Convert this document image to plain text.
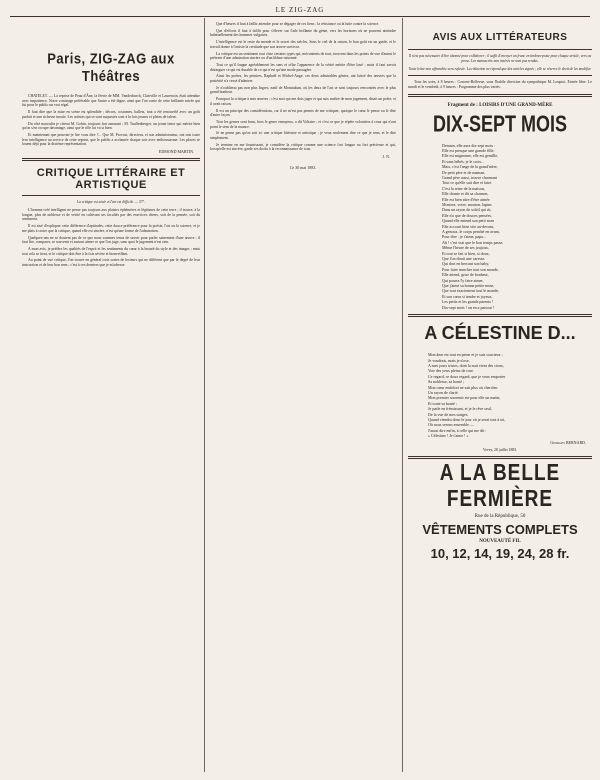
LE ZIG-ZAG
Paris, ZIG-ZAG aux Théâtres

CHATELET. — La reprise de Peau d'Âne, la féerie de MM. Vanderburch, Clairville et Laurencin, était attendue avec impatience. Notre voisinage préférable que l'autre a été digne, ainsi que l'on conte de cette brillante soirée qui fut pour le public un vrai régal.

Il faut dire que la mise en scène est splendide ; décors, costumes, ballets, tout a été renouvelé avec un goût parfait et une richesse inouïe. Les artistes qui se sont surpassés sont à la fois jeunes et pleins de talent.

Du côté masculin je citerai M. Gobin, toujours fort amusant ; M. Tauffenberger, un jeune tenor qui mérite bien qu'on s'en occupe davantage, ainsi que le rôle lui va si bien.

Et maintenant que pourrait-je lire vous dire ?... Que M. Provost, directeur, et son administrateur, ont mis toute leur intelligence au service de cette reprise, que le public a acclamée chaque soir avec enthousiasme. Les places se louent déjà pour la dixième représentation.

EDMOND MARTIN.
CRITIQUE LITTÉRAIRE ET ARTISTIQUE
La critique est aisée et l'art est difficile. — 57°.

L'homme créé intelligent ne pense pas toujours aux plaisirs éphémères et légitimes de cette terre ; il trouve, à la longue, plus de noblesse et de vérité en cultivant ses facultés par des exercices divers, soit de la pensée, soit du sentiment.

Il est aisé d'expliquer cette différence d'aptitudes, cette douce préférence pour la poésie, l'art ou la science, et je me plais à croire que la critique, quand elle est sincère, n'est qu'une forme de l'admiration.

Quelques-uns ne se doutent pas de ce que nous sommes tenus de savoir pour parler sainement d'une œuvre ; il faut lire, comparer, se souvenir et surtout aimer ce que l'on juge, sans quoi le jugement n'est rien.

A mon avis, je préfère les qualités de l'esprit et les sentiments du cœur à la beauté du style et des images ; mais tout cela se tient, et le critique doit être à la fois sévère et bienveillant.

Au point de vue critique, l'on trouve en général trois sortes de lecteurs qui ne diffèrent que par le degré de leur instruction et de leur bon sens ; c'est à ces derniers que je m'adresse.

Que d'heures il faut à faillir attendre pour se dégager de ces liens : la résistance ou la lutte contre la science.

Que d'efforts il faut à faillir pour s'élever sur l'aile brillante du génie, vers les horizons où ne pouvent atteindre habituellement des hommes vulgaires.

L'intelligence est le reste du monde et le secret des siècles. Sous le ciel de la raison, le bon goût est un guide, et le travail donne à l'artiste la certitude que son œuvre survivra.

La critique est un sentiment tout chez certains types qui, mécontents de tout, trouvent dans les points de vue d'autrui le prétexte d'une admiration sincère ou d'un blâme raisonné.

Tout ce qu'il frappe agréablement les sens et offre l'apparence de la vérité mérite d'être loué ; mais il faut savoir distinguer ce qui est durable de ce qui n'est qu'une mode passagère.

Ainsi les poètes, les peintres, Raphaël et Michel-Ange, ces deux admirables génies, ont laissé des œuvres que la postérité n'a cessé d'admirer.

Je n'oublierai pas non plus Ingres, natif de Montauban, où les deux de l'art se sont toujours rencontrés avec le plus grand bonheur.

Pourquoi la critique à mes œuvres ; c'est moi qui me dois juger et qui suis maître de mon jugement, disait un poète, et il avait raison.

Il est un principe des considérations, car il ne m'est pas permis de me critiquer, quoique le cœur le pense ou le dise d'autre façon.

Tout les genres sont bons, hors le genre ennuyeux, a dit Voltaire ; et c'est ce que je répète volontiers à ceux qui n'ont point le sens de la nuance.

Je ne pense pas qu'on soit ici une critique littéraire et artistique ; je veux seulement dire ce que je sens, et le dire simplement.

Je termine en me fournissant, je considère la critique comme une science fort longue ou fort précieuse et qui, lorsqu'elle est sincère, garde ses droits à la reconnaissance de tous.

J. N.
Ce 30 mai 1883.
AVIS AUX LITTÉRATEURS

Il n'est pas nécessaire d'être abonné pour collaborer ; il suffit d'envoyer un franc en timbres-poste pour chaque article, vers ou prose. Les manuscrits non insérés ne sont pas rendus.

Toute lettre non affranchie sera refusée. La rédaction ne répond que des articles signés ; elle se réserve le droit de les modifier.

Tous les soirs, à 8 heures : Concert-Bellevue, sous l'habile direction du sympathique M. Loupiot. Entrée libre. Le mardi et le vendredi, à 9 heures : Programme des plus variés.

Fragment de : LOISIRS D'UNE GRAND-MÈRE
DIX-SEPT MOIS
Demain, elle aura dix-sept mois :
Elle est presque une grande fille,
Elle est mignonne, elle est gentille,
Et sans bébés, je le crois...
Mais, c'est l'ange de la grand'mère,
De petit père et de maman,
Grand père aussi, trouve charmant
Tout ce qu'elle sait dire et faire.
C'est la reine de la maison,
Elle chante et dit sa chanson,
Elle est bien sûre d'être aimée
Montrez, votre, mouton, lapins
Dans un rayon de soleil qui rit,
Elle n'a que de douces pensées,
Quand elle entend son petit nom
Elle accourt bien vite au-devant,
A genoux, le corps penché en avant,
Pour dire : je t'aime, papa...
Ah ! c'est vrai que le bon temps passe,
Même l'heure de ses joujoux,
Et tout se fait si bien, si doux,
Que l'on dirait une caresse.
Qui dort en bercant son baby,
Pour faire marcher tout son monde,
Elle attend, grise de bonheur,
Qui pourra l'y faire aimer,
Que j'aime sa bonne petite mine,
Que tout exactement tout le monde,
Et son cœur si tendre et joyeux,
Les petits et les grands parents !
Dix-sept mois ! on en a partout !
A CÉLESTINE D...
Mon âme est tout en peine et je suis soucieux ;
Je voudrais, mais je n'ose,
A mes jours tristes, dont la nuit vient des cieux,
Voir des yeux pleins de rose.
Ce regard, ce doux regard, que je veux emporter
Sa noblesse, sa bonté ;
Mon cœur endolori ne sait plus où chercher
Un rayon de clarté.
Mon premier souvenir est pour elle un matin,
Et toute sa bonté ;
Je parle en frémissant, et je le rêve seul,
De la vue de mes songes.
Quand viendra donc le jour où je serai tout à toi,
Où nous serons ensemble —
J'aurai dire enfin, à celle qui me dit :
« Célestine ! Je t'aime ! »
Georges BERNARD.
Vevey, 28 juillet 1883.
A LA BELLE FERMIÈRE
Rue de la République, 50
VÊTEMENTS COMPLETS
NOUVEAUTÉ FIL
10, 12, 14, 19, 24, 28 fr.
